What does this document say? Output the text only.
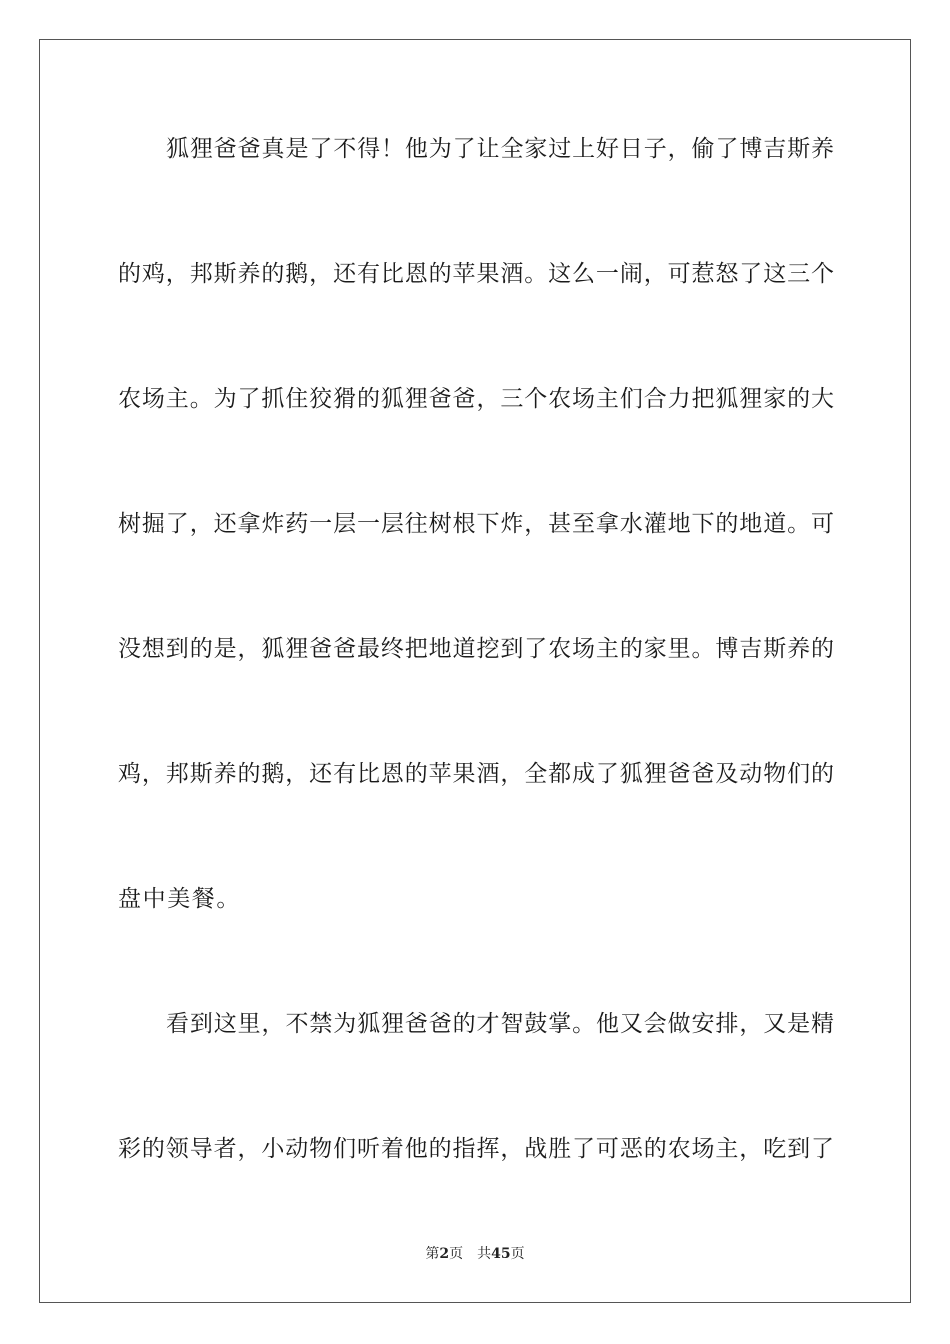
狐狸爸爸真是了不得！他为了让全家过上好日子，偷了博吉斯养
的鸡，邦斯养的鹅，还有比恩的苹果酒。这么一闹，可惹怒了这三个
农场主。为了抓住狡猾的狐狸爸爸，三个农场主们合力把狐狸家的大
树掘了，还拿炸药一层一层往树根下炸，甚至拿水灌地下的地道。可
没想到的是，狐狸爸爸最终把地道挖到了农场主的家里。博吉斯养的
鸡，邦斯养的鹅，还有比恩的苹果酒，全都成了狐狸爸爸及动物们的
盘中美餐。
看到这里，不禁为狐狸爸爸的才智鼓掌。他又会做安排，又是精
彩的领导者，小动物们听着他的指挥，战胜了可恶的农场主，吃到了
第2页 共45页
